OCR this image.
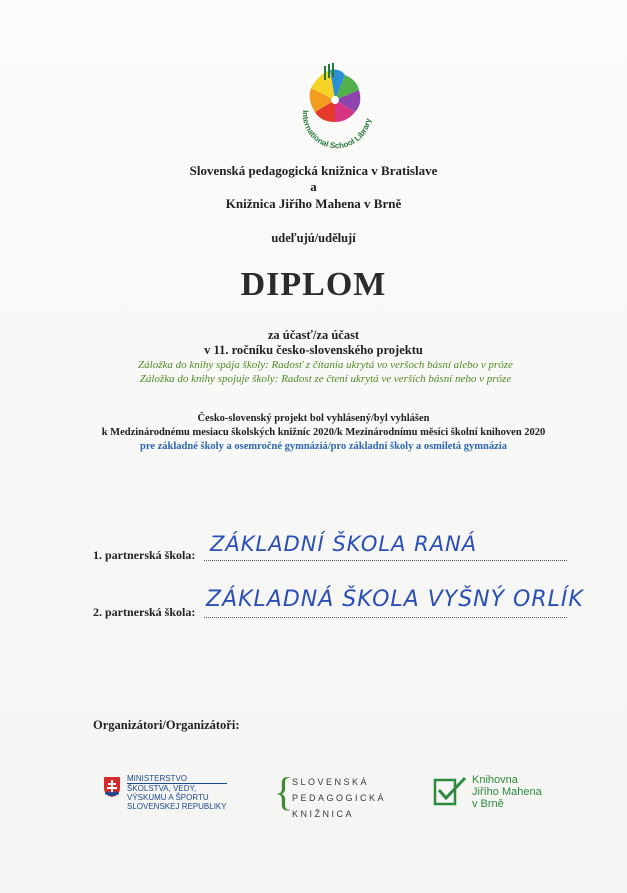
International School Library
Slovenská pedagogická knižnica v Bratislave
a
Knižnica Jiřího Mahena v Brně
udeľujú/udělují
DIPLOM
za účasť/za účast
v 11. ročníku česko-slovenského projektu
Záložka do knihy spája školy: Radosť z čítania ukrytá vo veršoch básní alebo v próze
Záložka do knihy spojuje školy: Radost ze čtení ukrytá ve verších básní nebo v próze
Česko-slovenský projekt bol vyhlásený/byl vyhlášen
k Medzinárodnému mesiacu školských knižníc 2020/k Mezinárodnímu měsíci školní knihoven 2020
pre základné školy a osemročné gymnáziá/pro základní školy a osmiletá gymnázia
1. partnerská škola: ZÁKLADNÍ ŠKOLA RANÁ
2. partnerská škola: ZÁKLADNÁ ŠKOLA VYŠNÝ ORLÍK
Organizátori/Organizátoři:
MINISTERSTVO
ŠKOLSTVA, VEDY,
VÝSKUMU A ŠPORTU
SLOVENSKEJ REPUBLIKY {
SLOVENSKÁ
PEDAGOGICKÁ
KNIŽNICA
Knihovna
Jiřího Mahena
v Brně
